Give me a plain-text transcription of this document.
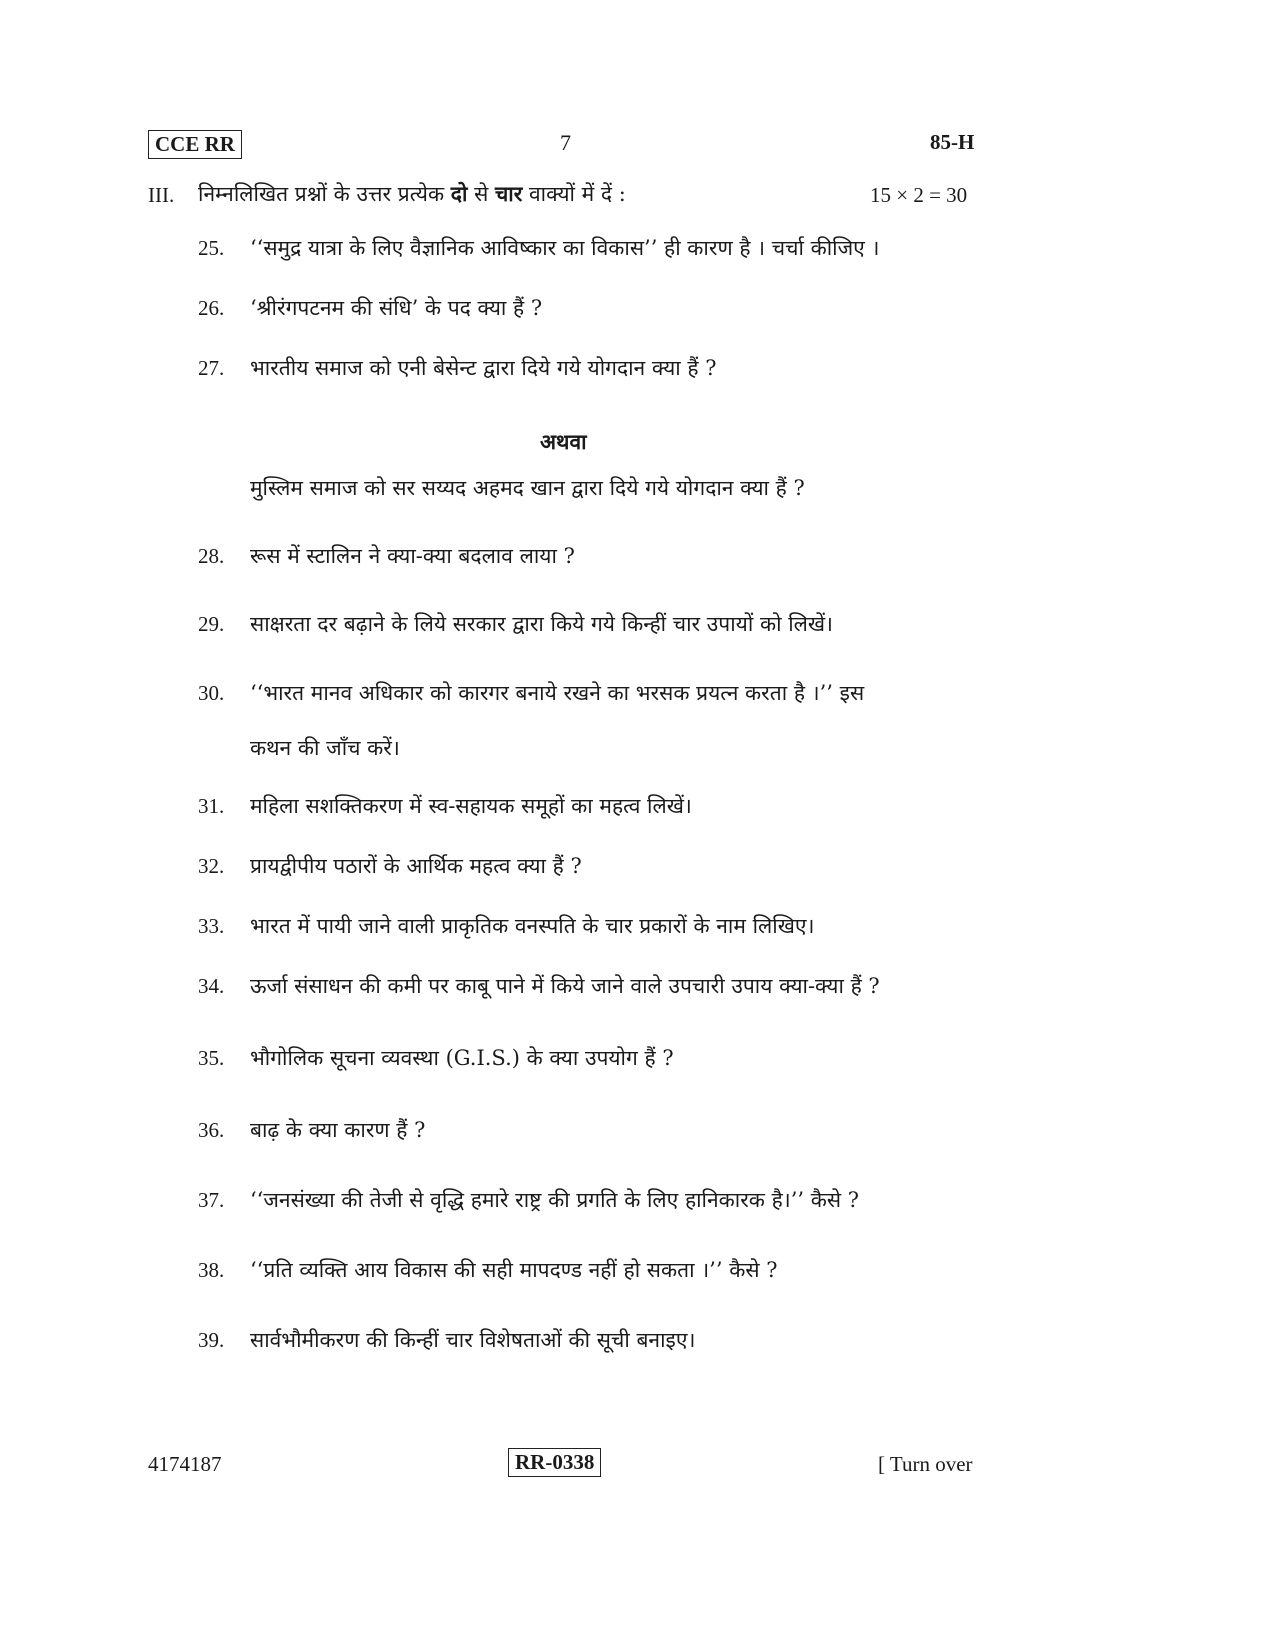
CCE RR	7	85-H
III. निम्नलिखित प्रश्नों के उत्तर प्रत्येक दो से चार वाक्यों में दें :	15 × 2 = 30
25. ‘‘समुद्र यात्रा के लिए वैज्ञानिक आविष्कार का विकास’’ ही कारण है । चर्चा कीजिए ।
26. ‘श्रीरंगपटनम की संधि’ के पद क्या हैं ?
27. भारतीय समाज को एनी बेसेन्ट द्वारा दिये गये योगदान क्या हैं ?
अथवा
मुस्लिम समाज को सर सय्यद अहमद खान द्वारा दिये गये योगदान क्या हैं ?
28. रूस में स्टालिन ने क्या-क्या बदलाव लाया ?
29. साक्षरता दर बढ़ाने के लिये सरकार द्वारा किये गये किन्हीं चार उपायों को लिखें।
30. ‘‘भारत मानव अधिकार को कारगर बनाये रखने का भरसक प्रयत्न करता है ।’’ इस
कथन की जाँच करें।
31. महिला सशक्तिकरण में स्व-सहायक समूहों का महत्व लिखें।
32. प्रायद्वीपीय पठारों के आर्थिक महत्व क्या हैं ?
33. भारत में पायी जाने वाली प्राकृतिक वनस्पति के चार प्रकारों के नाम लिखिए।
34. ऊर्जा संसाधन की कमी पर काबू पाने में किये जाने वाले उपचारी उपाय क्या-क्या हैं ?
35. भौगोलिक सूचना व्यवस्था (G.I.S.) के क्या उपयोग हैं ?
36. बाढ़ के क्या कारण हैं ?
37. ‘‘जनसंख्या की तेजी से वृद्धि हमारे राष्ट्र की प्रगति के लिए हानिकारक है।’’ कैसे ?
38. ‘‘प्रति व्यक्ति आय विकास की सही मापदण्ड नहीं हो सकता ।’’ कैसे ?
39. सार्वभौमीकरण की किन्हीं चार विशेषताओं की सूची बनाइए।
4174187	RR-0338	[ Turn over
